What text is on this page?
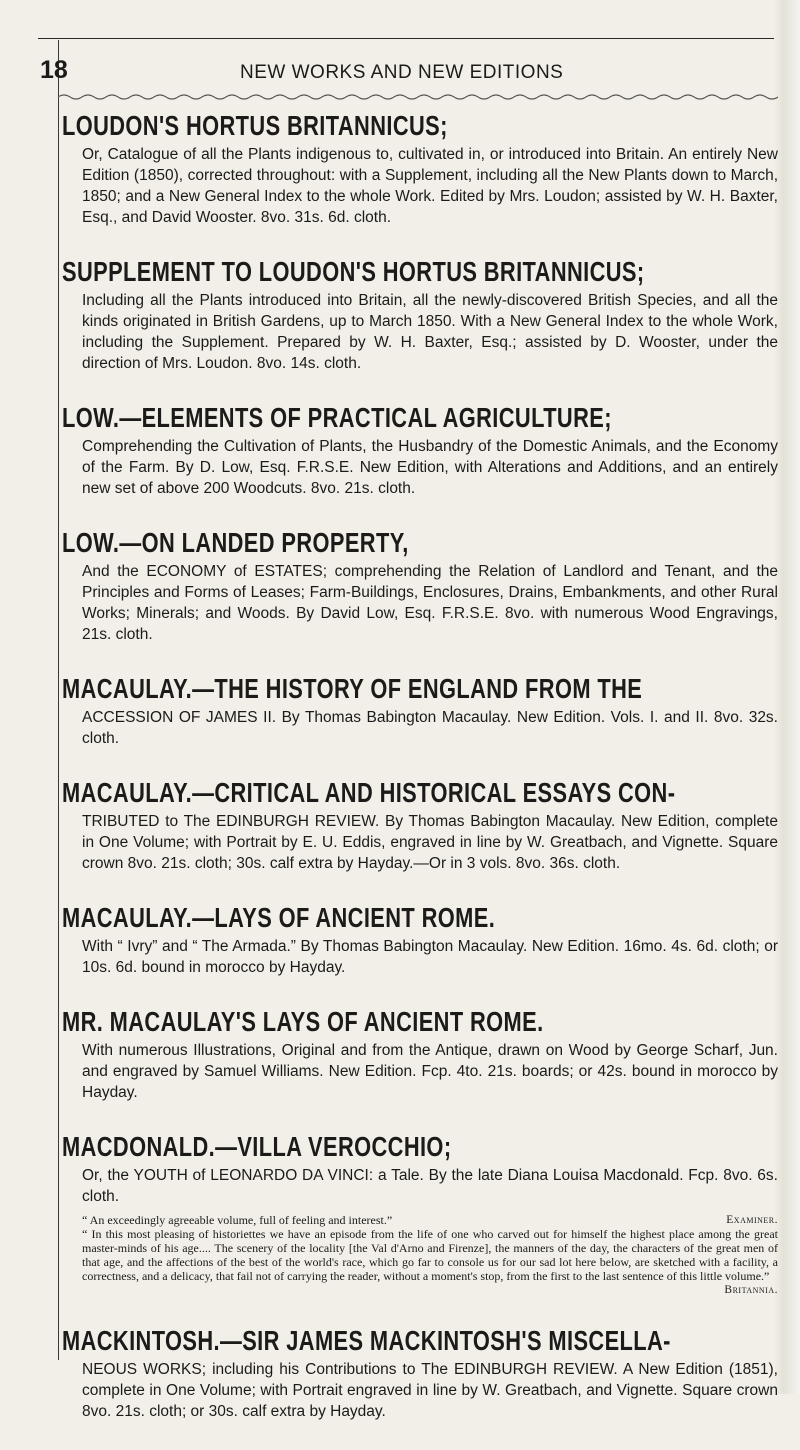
18	NEW WORKS AND NEW EDITIONS
LOUDON'S HORTUS BRITANNICUS;
Or, Catalogue of all the Plants indigenous to, cultivated in, or introduced into Britain. An entirely New Edition (1850), corrected throughout: with a Supplement, including all the New Plants down to March, 1850; and a New General Index to the whole Work. Edited by Mrs. Loudon; assisted by W. H. Baxter, Esq., and David Wooster. 8vo. 31s. 6d. cloth.
SUPPLEMENT TO LOUDON'S HORTUS BRITANNICUS;
Including all the Plants introduced into Britain, all the newly-discovered British Species, and all the kinds originated in British Gardens, up to March 1850. With a New General Index to the whole Work, including the Supplement. Prepared by W. H. Baxter, Esq.; assisted by D. Wooster, under the direction of Mrs. Loudon. 8vo. 14s. cloth.
LOW.—ELEMENTS OF PRACTICAL AGRICULTURE;
Comprehending the Cultivation of Plants, the Husbandry of the Domestic Animals, and the Economy of the Farm. By D. Low, Esq. F.R.S.E. New Edition, with Alterations and Additions, and an entirely new set of above 200 Woodcuts. 8vo. 21s. cloth.
LOW.—ON LANDED PROPERTY,
And the ECONOMY of ESTATES; comprehending the Relation of Landlord and Tenant, and the Principles and Forms of Leases; Farm-Buildings, Enclosures, Drains, Embankments, and other Rural Works; Minerals; and Woods. By David Low, Esq. F.R.S.E. 8vo. with numerous Wood Engravings, 21s. cloth.
MACAULAY.—THE HISTORY OF ENGLAND FROM THE
ACCESSION OF JAMES II. By Thomas Babington Macaulay. New Edition. Vols. I. and II. 8vo. 32s. cloth.
MACAULAY.—CRITICAL AND HISTORICAL ESSAYS CON-
TRIBUTED to The EDINBURGH REVIEW. By Thomas Babington Macaulay. New Edition, complete in One Volume; with Portrait by E. U. Eddis, engraved in line by W. Greatbach, and Vignette. Square crown 8vo. 21s. cloth; 30s. calf extra by Hayday.—Or in 3 vols. 8vo. 36s. cloth.
MACAULAY.—LAYS OF ANCIENT ROME.
With “ Ivry” and “ The Armada.” By Thomas Babington Macaulay. New Edition. 16mo. 4s. 6d. cloth; or 10s. 6d. bound in morocco by Hayday.
MR. MACAULAY'S LAYS OF ANCIENT ROME.
With numerous Illustrations, Original and from the Antique, drawn on Wood by George Scharf, Jun. and engraved by Samuel Williams. New Edition. Fcp. 4to. 21s. boards; or 42s. bound in morocco by Hayday.
MACDONALD.—VILLA VEROCCHIO;
Or, the YOUTH of LEONARDO DA VINCI: a Tale. By the late Diana Louisa Macdonald. Fcp. 8vo. 6s. cloth.
“ An exceedingly agreeable volume, full of feeling and interest.”	Examiner.
“ In this most pleasing of historiettes we have an episode from the life of one who carved out for himself the highest place among the great master-minds of his age.... The scenery of the locality [the Val d'Arno and Firenze], the manners of the day, the characters of the great men of that age, and the affections of the best of the world's race, which go far to console us for our sad lot here below, are sketched with a facility, a correctness, and a delicacy, that fail not of carrying the reader, without a moment's stop, from the first to the last sentence of this little volume.”
Britannia.
MACKINTOSH.—SIR JAMES MACKINTOSH'S MISCELLA-
NEOUS WORKS; including his Contributions to The EDINBURGH REVIEW. A New Edition (1851), complete in One Volume; with Portrait engraved in line by W. Greatbach, and Vignette. Square crown 8vo. 21s. cloth; or 30s. calf extra by Hayday.
